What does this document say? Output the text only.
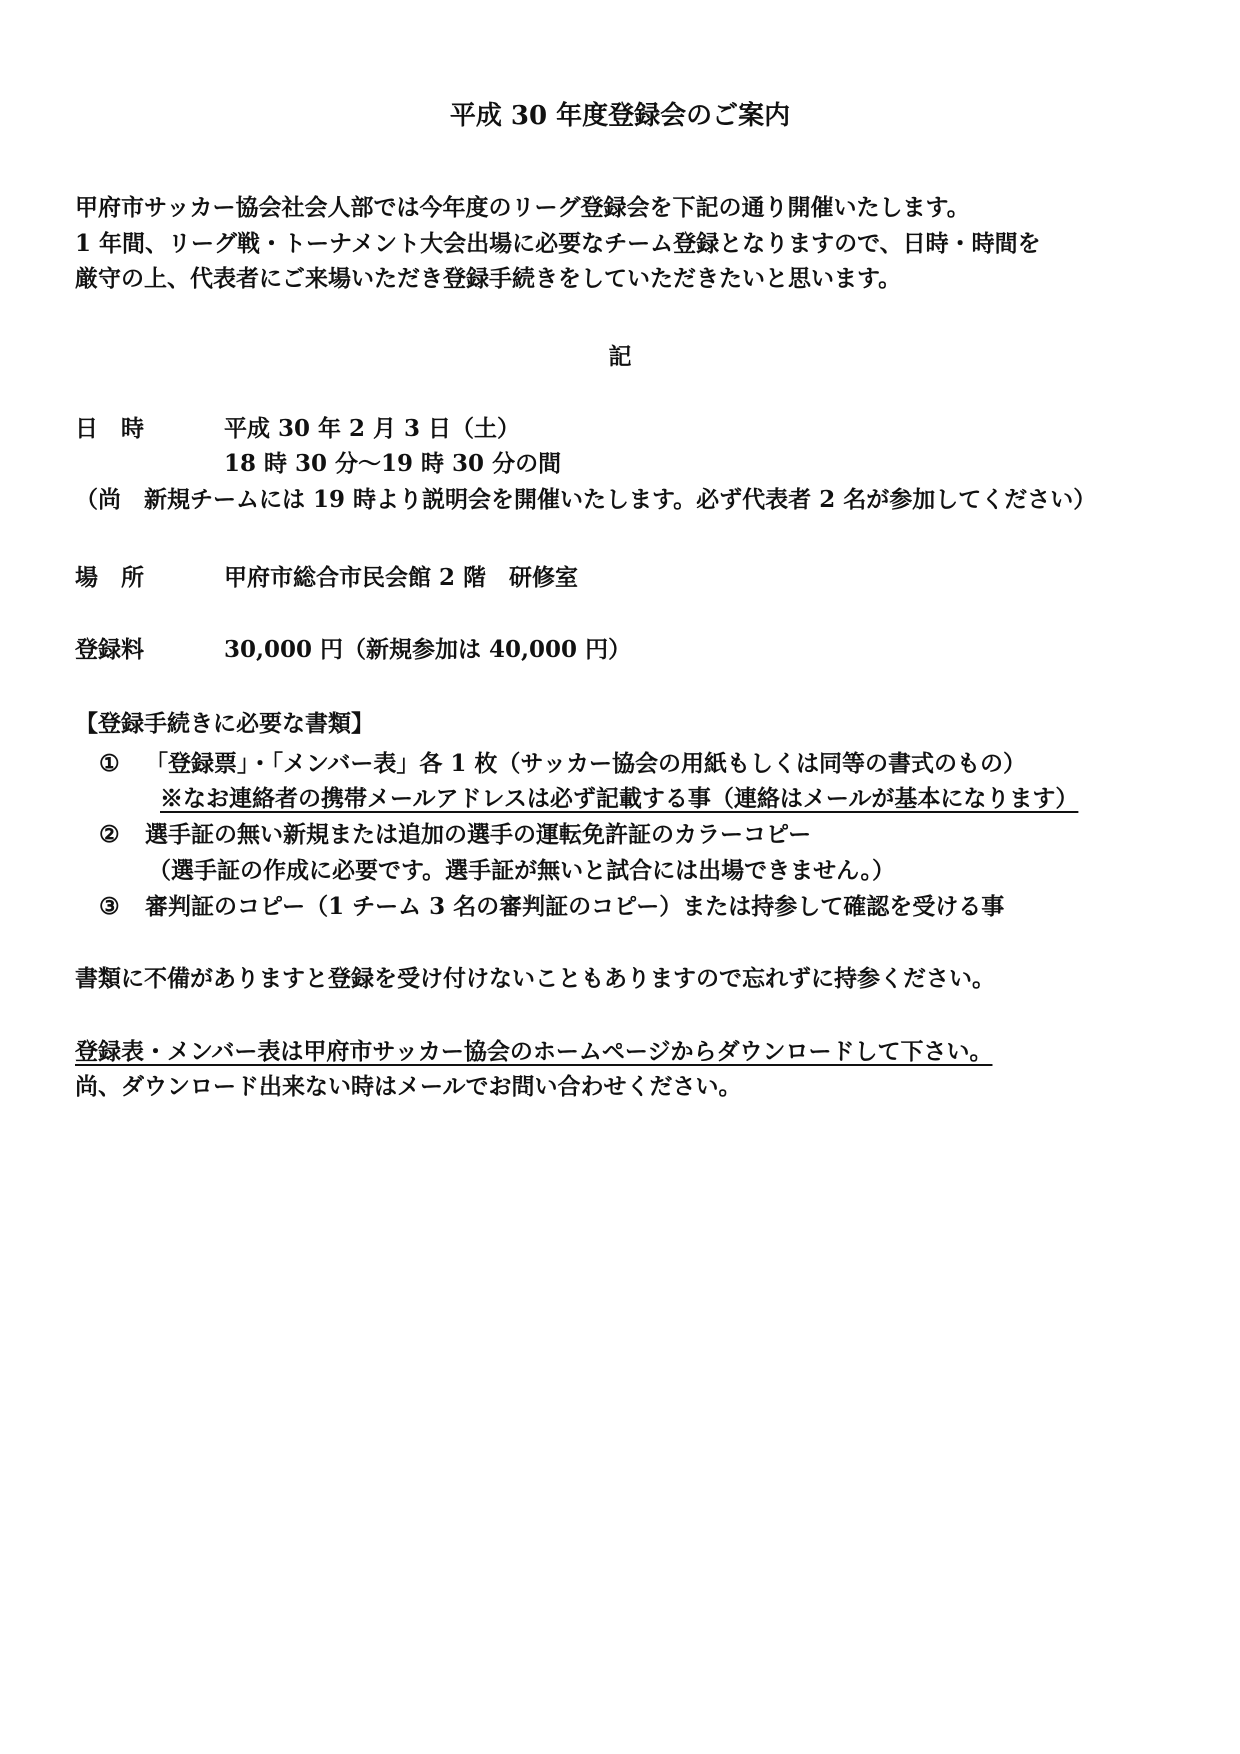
平成 30 年度登録会のご案内
甲府市サッカー協会社会人部では今年度のリーグ登録会を下記の通り開催いたします。
1 年間、リーグ戦・トーナメント大会出場に必要なチーム登録となりますので、日時・時間を
厳守の上、代表者にご来場いただき登録手続きをしていただきたいと思います。
記
日　時	平成 30 年 2 月 3 日（土）
18 時 30 分～19 時 30 分の間
（尚　新規チームには 19 時より説明会を開催いたします。必ず代表者 2 名が参加してください）
場　所	甲府市総合市民会館 2 階　研修室
登録料	30,000 円（新規参加は 40,000 円）
【登録手続きに必要な書類】
① 「登録票」・「メンバー表」各 1 枚（サッカー協会の用紙もしくは同等の書式のもの）
※なお連絡者の携帯メールアドレスは必ず記載する事（連絡はメールが基本になります）
② 選手証の無い新規または追加の選手の運転免許証のカラーコピー
（選手証の作成に必要です。選手証が無いと試合には出場できません。）
③ 審判証のコピー（1 チーム 3 名の審判証のコピー）または持参して確認を受ける事
書類に不備がありますと登録を受け付けないこともありますので忘れずに持参ください。
登録表・メンバー表は甲府市サッカー協会のホームページからダウンロードして下さい。
尚、ダウンロード出来ない時はメールでお問い合わせください。
